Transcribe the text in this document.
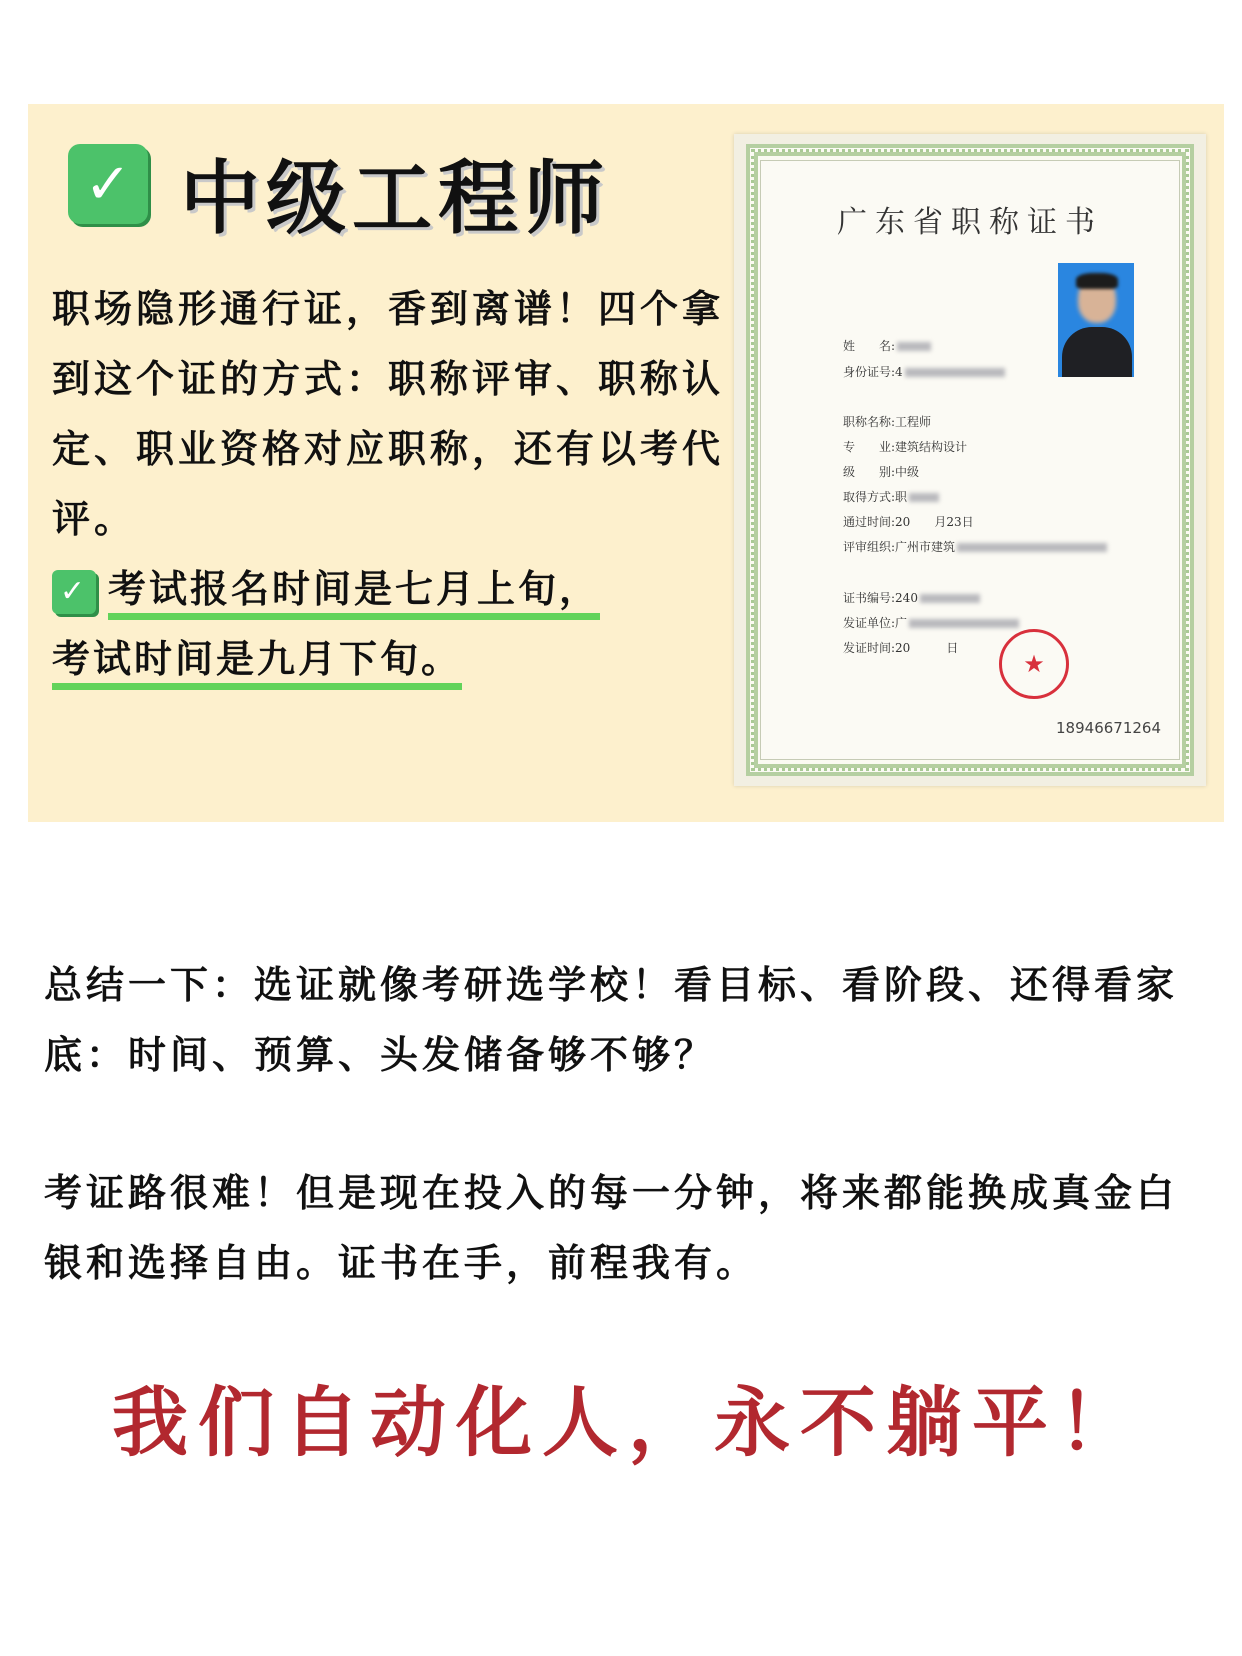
✓ 中级工程师
职场隐形通行证，香到离谱！四个拿到这个证的方式：职称评审、职称认定、职业资格对应职称，还有以考代评。
✓ 考试报名时间是七月上旬，
考试时间是九月下旬。
广东省职称证书
姓　　名:
身份证号:4
职称名称:工程师
专　　业:建筑结构设计
级　　别:中级
取得方式:职
通过时间:20　　月23日
评审组织:广州市建筑
证书编号:240
发证单位:广
发证时间:20　　　日
★
18946671264
总结一下：选证就像考研选学校！看目标、看阶段、还得看家底：时间、预算、头发储备够不够？
考证路很难！但是现在投入的每一分钟，将来都能换成真金白银和选择自由。证书在手，前程我有。
我们自动化人，永不躺平！
